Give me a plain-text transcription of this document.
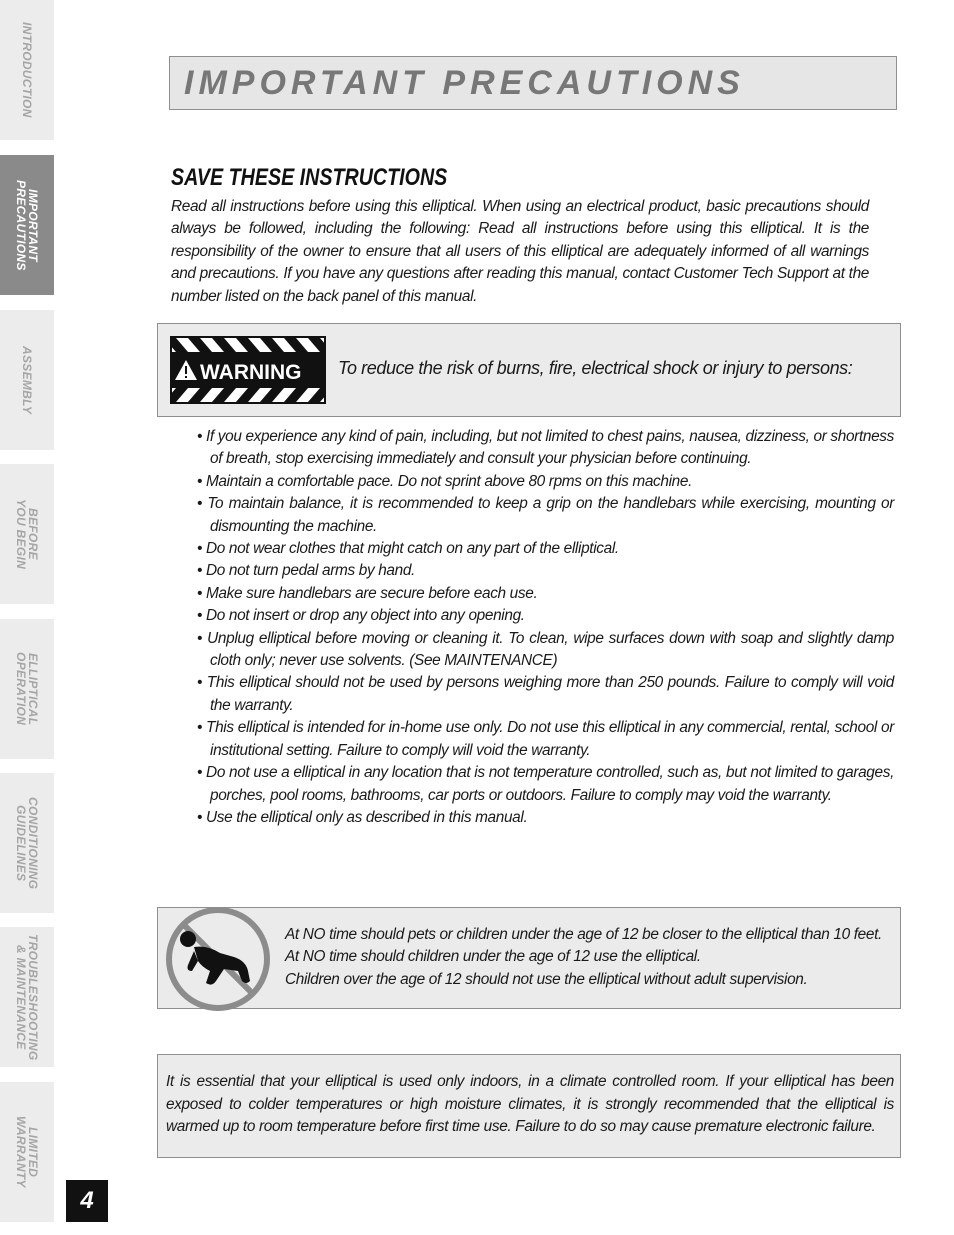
INTRODUCTION
IMPORTANT
PRECAUTIONS
ASSEMBLY
BEFORE
YOU BEGIN
ELLIPTICAL
OPERATION
CONDITIONING
GUIDELINES
TROUBLESHOOTING
& MAINTENANCE
LIMITED
WARRANTY
4
IMPORTANT PRECAUTIONS
SAVE THESE INSTRUCTIONS
Read all instructions before using this elliptical. When using an electrical product, basic precautions should always be followed, including the following: Read all instructions before using this elliptical. It is the responsibility of the owner to ensure that all users of this elliptical are adequately informed of all warnings and precautions. If you have any questions after reading this manual, contact Customer Tech Support at the number listed on the back panel of this manual.
WARNING To reduce the risk of burns, fire, electrical shock or injury to persons:
• If you experience any kind of pain, including, but not limited to chest pains, nausea, dizziness, or shortness of breath, stop exercising immediately and consult your physician before continuing.
• Maintain a comfortable pace. Do not sprint above 80 rpms on this machine.
• To maintain balance, it is recommended to keep a grip on the handlebars while exercising, mounting or dismounting the machine.
• Do not wear clothes that might catch on any part of the elliptical.
• Do not turn pedal arms by hand.
• Make sure handlebars are secure before each use.
• Do not insert or drop any object into any opening.
• Unplug elliptical before moving or cleaning it. To clean, wipe surfaces down with soap and slightly damp cloth only; never use solvents. (See MAINTENANCE)
• This elliptical should not be used by persons weighing more than 250 pounds. Failure to comply will void the warranty.
• This elliptical is intended for in-home use only. Do not use this elliptical in any commercial, rental, school or institutional setting. Failure to comply will void the warranty.
• Do not use a elliptical in any location that is not temperature controlled, such as, but not limited to garages, porches, pool rooms, bathrooms, car ports or outdoors. Failure to comply may void the warranty.
• Use the elliptical only as described in this manual.
At NO time should pets or children under the age of 12 be closer to the elliptical than 10 feet.
At NO time should children under the age of 12 use the elliptical.
Children over the age of 12 should not use the elliptical without adult supervision.
It is essential that your elliptical is used only indoors, in a climate controlled room. If your elliptical has been exposed to colder temperatures or high moisture climates, it is strongly recommended that the elliptical is warmed up to room temperature before first time use. Failure to do so may cause premature electronic failure.
